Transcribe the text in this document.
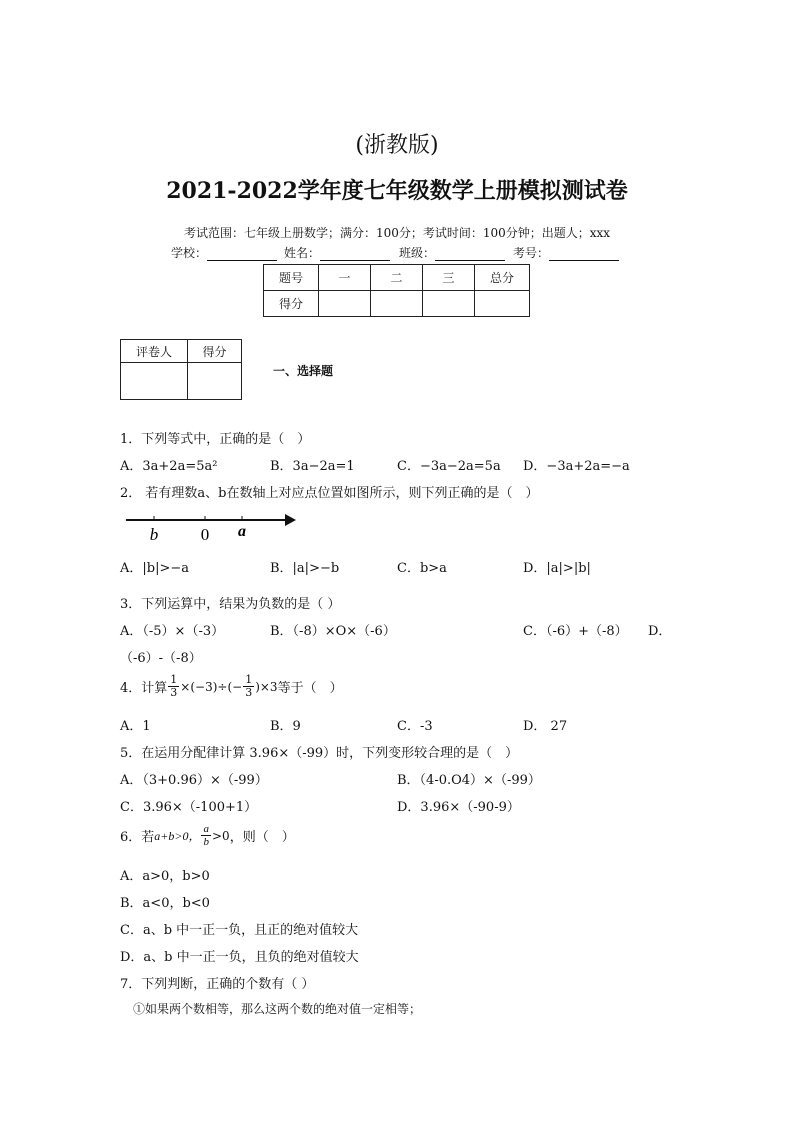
(浙教版)
2021-2022学年度七年级数学上册模拟测试卷
考试范围：七年级上册数学；满分：100分；考试时间：100分钟；出题人；xxx
学校：	姓名：	班级：	考号：
题号	一	二	三	总分
得分				
评卷人	得分

一、选择题
1．下列等式中，正确的是（　）
A．3a+2a=5a²	B．3a−2a=1	C．−3a−2a=5a D．−3a+2a=−a
2． 若有理数a、b在数轴上对应点位置如图所示，则下列正确的是（　）
b	0 a
A．|b|>−a	B．|a|>−b	C．b>a	D．|a|>|b|
3．下列运算中，结果为负数的是（ ）
A．（-5）×（-3）	B．（-8）×O×（-6）	C．（-6）+（-8） D．
（-6）-（-8）
4．计算 $\frac{1}{3} \times(-3)\div(- \frac{1}{3} )\times 3$ 等于（　）
A．1	B．9	C．-3	D． 27
5．在运用分配律计算 3.96×（-99）时，下列变形较合理的是（　）
A．（3+0.96）×（-99）	B．（4-0.O4）×（-99）
C．3.96×（-100+1）	D．3.96×（-90-9）
6．若 a+b>0， $\frac{a}{b} >0$ ，则（　）
A．a>0，b>0
B．a<0，b<0
C．a、b 中一正一负，且正的绝对值较大
D．a、b 中一正一负，且负的绝对值较大
7．下列判断，正确的个数有（ ）
①如果两个数相等，那么这两个数的绝对值一定相等；
